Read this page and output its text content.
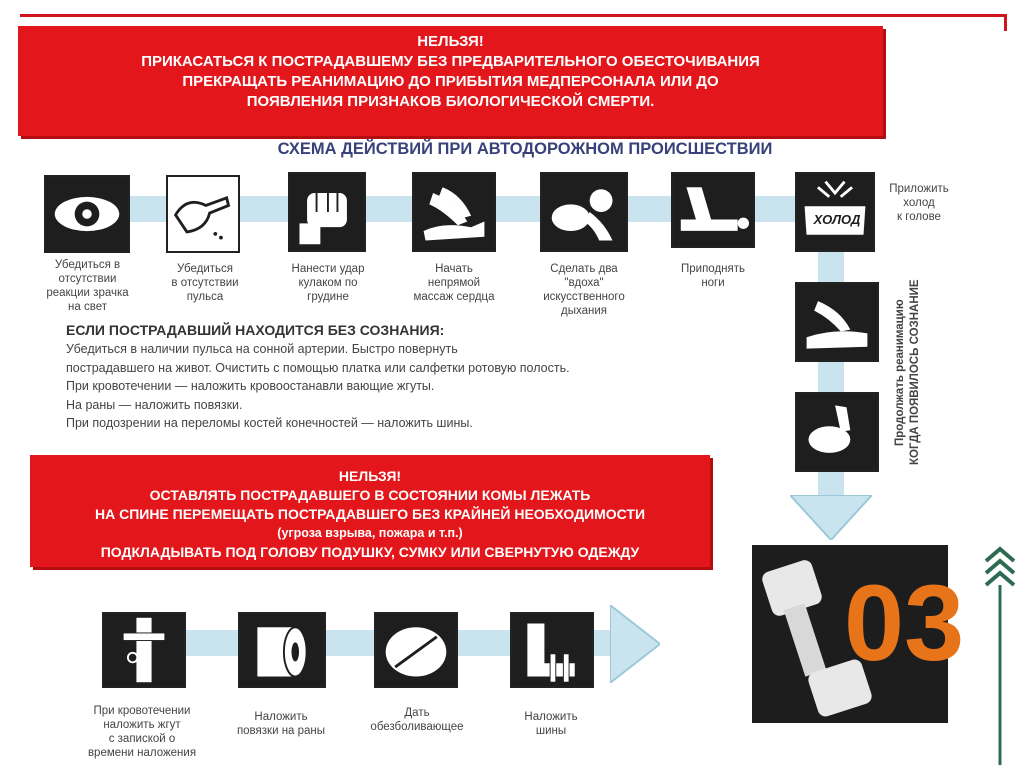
НЕЛЬЗЯ!
ПРИКАСАТЬСЯ К ПОСТРАДАВШЕМУ БЕЗ ПРЕДВАРИТЕЛЬНОГО ОБЕСТОЧИВАНИЯ
ПРЕКРАЩАТЬ РЕАНИМАЦИЮ ДО ПРИБЫТИЯ МЕДПЕРСОНАЛА ИЛИ ДО
ПОЯВЛЕНИЯ ПРИЗНАКОВ БИОЛОГИЧЕСКОЙ СМЕРТИ.
СХЕМА ДЕЙСТВИЙ ПРИ АВТОДОРОЖНОМ ПРОИСШЕСТВИИ
ХОЛОД
Убедиться в
отсутствии
реакции зрачка
на свет
Убедиться
в отсутствии
пульса
Нанести удар
кулаком по
грудине
Начать
непрямой
массаж сердца
Сделать два
"вдоха"
искусственного
дыхания
Приподнять
ноги
Приложить
холод
к голове
Продолжать реанимацию КОГДА ПОЯВИЛОСЬ СОЗНАНИЕ
ЕСЛИ ПОСТРАДАВШИЙ НАХОДИТСЯ БЕЗ СОЗНАНИЯ:
Убедиться в наличии пульса на сонной артерии. Быстро повернуть
пострадавшего на живот. Очистить с помощью платка или салфетки ротовую полость.
При кровотечении — наложить кровоостанавли вающие жгуты.
На раны — наложить повязки.
При подозрении на переломы костей конечностей — наложить шины.
НЕЛЬЗЯ!
ОСТАВЛЯТЬ ПОСТРАДАВШЕГО В СОСТОЯНИИ КОМЫ ЛЕЖАТЬ
НА СПИНЕ ПЕРЕМЕЩАТЬ ПОСТРАДАВШЕГО БЕЗ КРАЙНЕЙ НЕОБХОДИМОСТИ
(угроза взрыва, пожара и т.п.)
ПОДКЛАДЫВАТЬ ПОД ГОЛОВУ ПОДУШКУ, СУМКУ ИЛИ СВЕРНУТУЮ ОДЕЖДУ
При кровотечении
наложить жгут
с запиской о
времени наложения
Наложить
повязки на раны
Дать
обезболивающее
Наложить
шины
03
